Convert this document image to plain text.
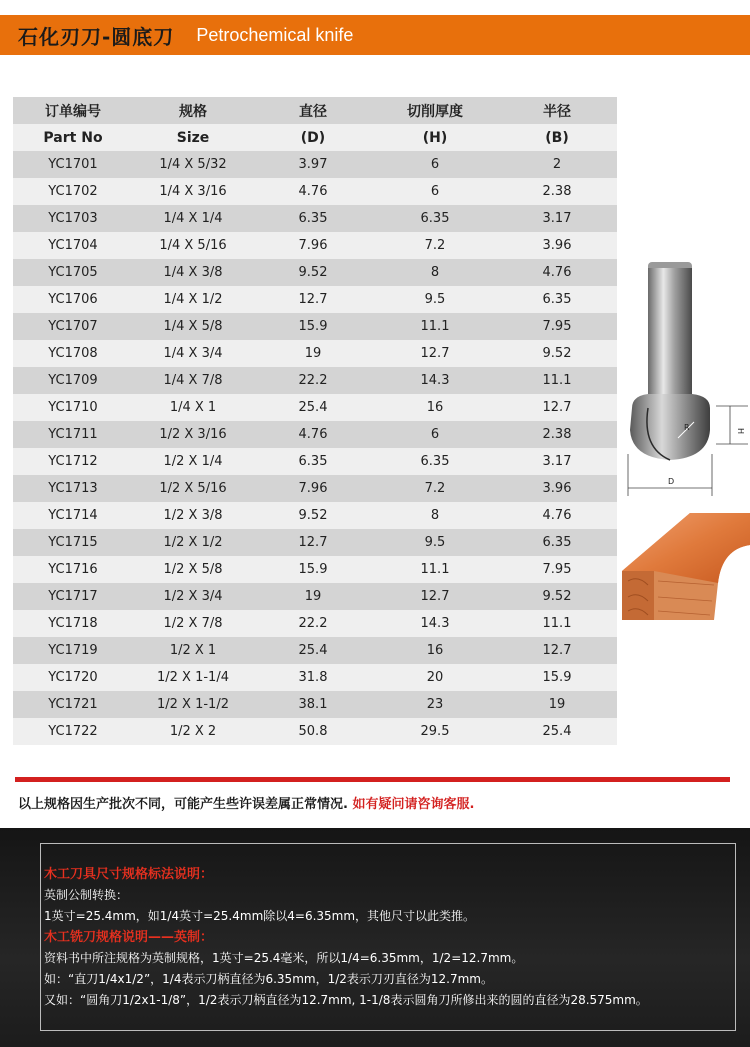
石化刃刀-圆底刀 Petrochemical knife
订单编号	规格	直径	切削厚度	半径
Part No	Size	(D)	(H)	(B)
YC1701	1/4 X 5/32	3.97	6	2
YC1702	1/4 X 3/16	4.76	6	2.38
YC1703	1/4 X 1/4	6.35	6.35	3.17
YC1704	1/4 X 5/16	7.96	7.2	3.96
YC1705	1/4 X 3/8	9.52	8	4.76
YC1706	1/4 X 1/2	12.7	9.5	6.35
YC1707	1/4 X 5/8	15.9	11.1	7.95
YC1708	1/4 X 3/4	19	12.7	9.52
YC1709	1/4 X 7/8	22.2	14.3	11.1
YC1710	1/4 X 1	25.4	16	12.7
YC1711	1/2 X 3/16	4.76	6	2.38
YC1712	1/2 X 1/4	6.35	6.35	3.17
YC1713	1/2 X 5/16	7.96	7.2	3.96
YC1714	1/2 X 3/8	9.52	8	4.76
YC1715	1/2 X 1/2	12.7	9.5	6.35
YC1716	1/2 X 5/8	15.9	11.1	7.95
YC1717	1/2 X 3/4	19	12.7	9.52
YC1718	1/2 X 7/8	22.2	14.3	11.1
YC1719	1/2 X 1	25.4	16	12.7
YC1720	1/2 X 1-1/4	31.8	20	15.9
YC1721	1/2 X 1-1/2	38.1	23	19
YC1722	1/2 X 2	50.8	29.5	25.4
R	H
D
以上规格因生产批次不同，可能产生些许误差属正常情况. 如有疑问请咨询客服.
木工刀具尺寸规格标法说明：
英制公制转换：
1英寸=25.4mm，如1/4英寸=25.4mm除以4=6.35mm，其他尺寸以此类推。
木工铣刀规格说明——英制：
资料书中所注规格为英制规格，1英寸=25.4毫米，所以1/4=6.35mm，1/2=12.7mm。
如：“直刀1/4x1/2”，1/4表示刀柄直径为6.35mm，1/2表示刀刃直径为12.7mm。
又如：“圆角刀1/2x1-1/8”，1/2表示刀柄直径为12.7mm, 1-1/8表示圆角刀所修出来的圆的直径为28.575mm。
